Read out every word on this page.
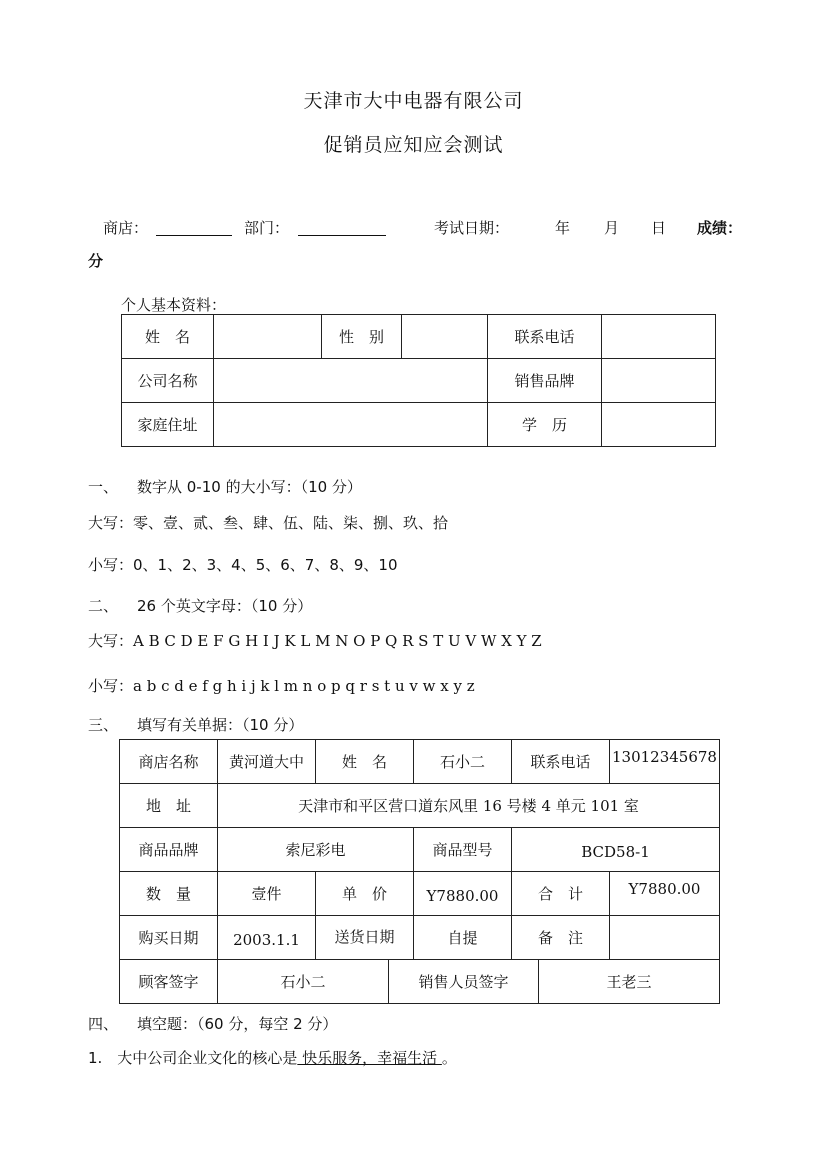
天津市大中电器有限公司
促销员应知应会测试
商店：	部门：	考试日期：	年 月 日 成绩：
分
个人基本资料：
姓　名		性　别		联系电话	
公司名称				销售品牌	
家庭住址				学　历	
一、 数字从 0-10 的大小写：（10 分）
大写：零、壹、贰、叁、肆、伍、陆、柒、捌、玖、拾
小写：0、1、2、3、4、5、6、7、8、9、10
二、 26 个英文字母：（10 分）
大写：A B C D E F G H I J K L M N O P Q R S T U V W X Y Z
小写：a b c d e f g h i j k l m n o p q r s t u v w x y z
三、 填写有关单据：（10 分）
商店名称	黄河道大中	姓　名	石小二	联系电话	13012345678
地　址	天津市和平区营口道东风里 16 号楼 4 单元 101 室				
商品品牌	索尼彩电		商品型号	BCD58-1	
数　量	壹件	单　价	Y7880.00	合　计	Y7880.00
购买日期	2003.1.1	送货日期	自提	备　注	
顾客签字	石小二	销售人员签字	王老三
四、 填空题：（60 分，每空 2 分）
1.　大中公司企业文化的核心是 快乐服务，幸福生活 。
